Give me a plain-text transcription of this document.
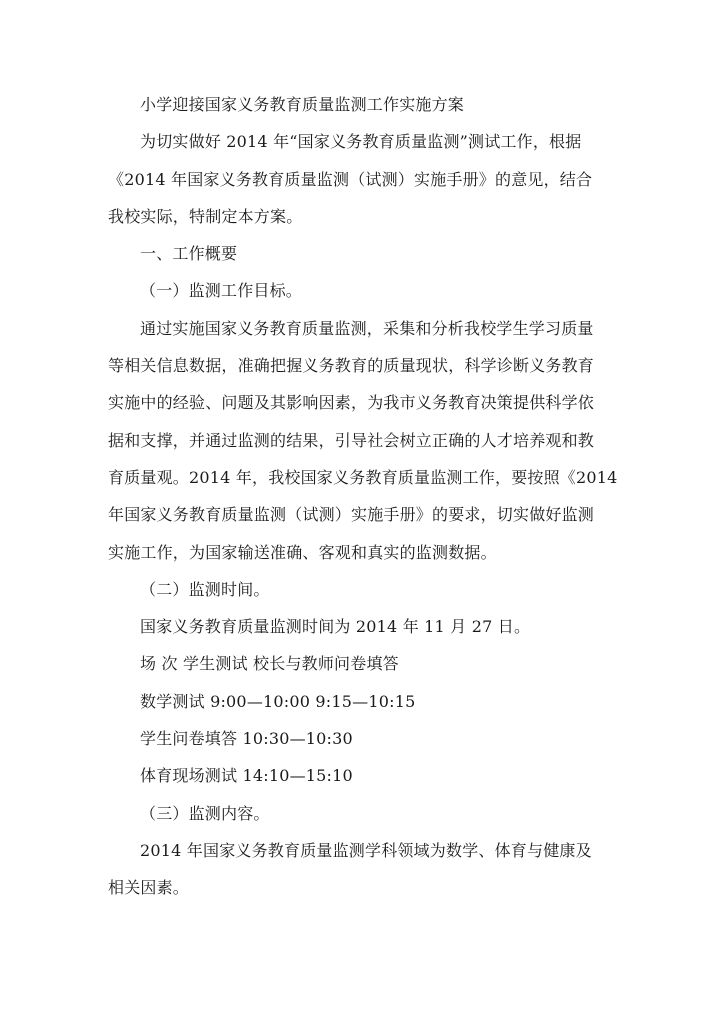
小学迎接国家义务教育质量监测工作实施方案
为切实做好 2014 年“国家义务教育质量监测”测试工作，根据
《2014 年国家义务教育质量监测（试测）实施手册》的意见，结合
我校实际，特制定本方案。
一、工作概要
（一）监测工作目标。
通过实施国家义务教育质量监测，采集和分析我校学生学习质量
等相关信息数据，准确把握义务教育的质量现状，科学诊断义务教育
实施中的经验、问题及其影响因素，为我市义务教育决策提供科学依
据和支撑，并通过监测的结果，引导社会树立正确的人才培养观和教
育质量观。2014 年，我校国家义务教育质量监测工作，要按照《2014
年国家义务教育质量监测（试测）实施手册》的要求，切实做好监测
实施工作，为国家输送准确、客观和真实的监测数据。
（二）监测时间。
国家义务教育质量监测时间为 2014 年 11 月 27 日。
场 次 学生测试 校长与教师问卷填答
数学测试 9:00—10:00 9:15—10:15
学生问卷填答 10:30—10:30
体育现场测试 14:10—15:10
（三）监测内容。
2014 年国家义务教育质量监测学科领域为数学、体育与健康及
相关因素。
